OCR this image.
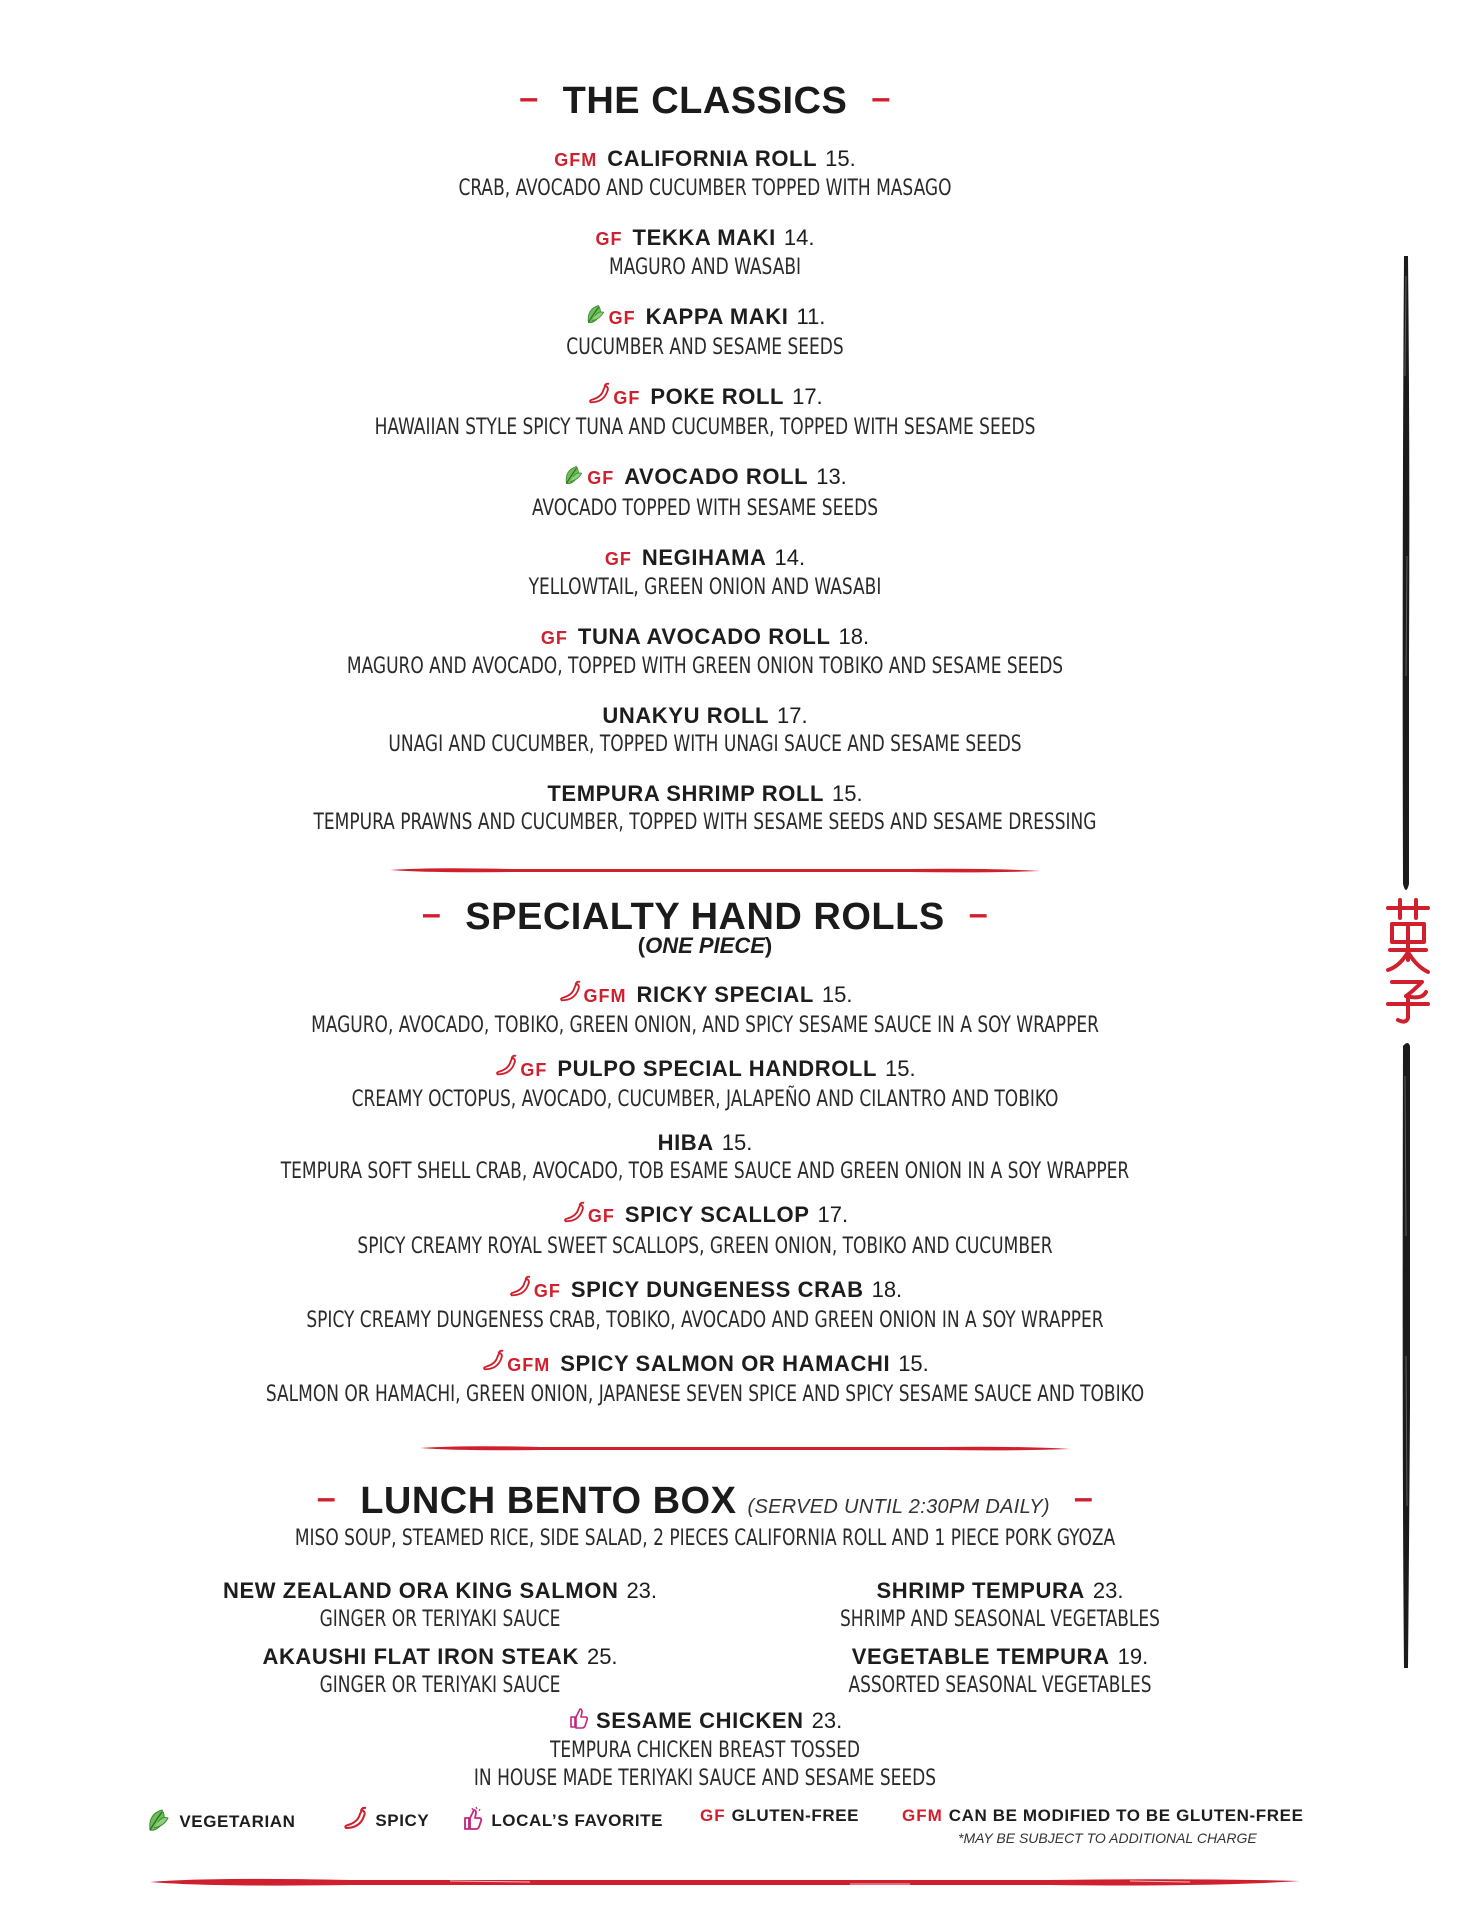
– THE CLASSICS –
GFM CALIFORNIA ROLL 15.
CRAB, AVOCADO AND CUCUMBER TOPPED WITH MASAGO
GF TEKKA MAKI 14.
MAGURO AND WASABI
GF KAPPA MAKI 11.
CUCUMBER AND SESAME SEEDS
GF POKE ROLL 17.
HAWAIIAN STYLE SPICY TUNA AND CUCUMBER, TOPPED WITH SESAME SEEDS
GF AVOCADO ROLL 13.
AVOCADO TOPPED WITH SESAME SEEDS
GF NEGIHAMA 14.
YELLOWTAIL, GREEN ONION AND WASABI
GF TUNA AVOCADO ROLL 18.
MAGURO AND AVOCADO, TOPPED WITH GREEN ONION TOBIKO AND SESAME SEEDS
UNAKYU ROLL 17.
UNAGI AND CUCUMBER, TOPPED WITH UNAGI SAUCE AND SESAME SEEDS
TEMPURA SHRIMP ROLL 15.
TEMPURA PRAWNS AND CUCUMBER, TOPPED WITH SESAME SEEDS AND SESAME DRESSING
– SPECIALTY HAND ROLLS –
(ONE PIECE)
GFM RICKY SPECIAL 15.
MAGURO, AVOCADO, TOBIKO, GREEN ONION, AND SPICY SESAME SAUCE IN A SOY WRAPPER
GF PULPO SPECIAL HANDROLL 15.
CREAMY OCTOPUS, AVOCADO, CUCUMBER, JALAPEÑO AND CILANTRO AND TOBIKO
HIBA 15.
TEMPURA SOFT SHELL CRAB, AVOCADO, TOB ESAME SAUCE AND GREEN ONION IN A SOY WRAPPER
GF SPICY SCALLOP 17.
SPICY CREAMY ROYAL SWEET SCALLOPS, GREEN ONION, TOBIKO AND CUCUMBER
GF SPICY DUNGENESS CRAB 18.
SPICY CREAMY DUNGENESS CRAB, TOBIKO, AVOCADO AND GREEN ONION IN A SOY WRAPPER
GFM SPICY SALMON OR HAMACHI 15.
SALMON OR HAMACHI, GREEN ONION, JAPANESE SEVEN SPICE AND SPICY SESAME SAUCE AND TOBIKO
– LUNCH BENTO BOX (SERVED UNTIL 2:30PM DAILY) –
MISO SOUP, STEAMED RICE, SIDE SALAD, 2 PIECES CALIFORNIA ROLL AND 1 PIECE PORK GYOZA
NEW ZEALAND ORA KING SALMON 23.
GINGER OR TERIYAKI SAUCE
AKAUSHI FLAT IRON STEAK 25.
GINGER OR TERIYAKI SAUCE
SHRIMP TEMPURA 23.
SHRIMP AND SEASONAL VEGETABLES
VEGETABLE TEMPURA 19.
ASSORTED SEASONAL VEGETABLES
SESAME CHICKEN 23.
TEMPURA CHICKEN BREAST TOSSED
IN HOUSE MADE TERIYAKI SAUCE AND SESAME SEEDS
VEGETARIAN	SPICY	LOCAL’S FAVORITE GF GLUTEN-FREE	GFM CAN BE MODIFIED TO BE GLUTEN-FREE
*MAY BE SUBJECT TO ADDITIONAL CHARGE
